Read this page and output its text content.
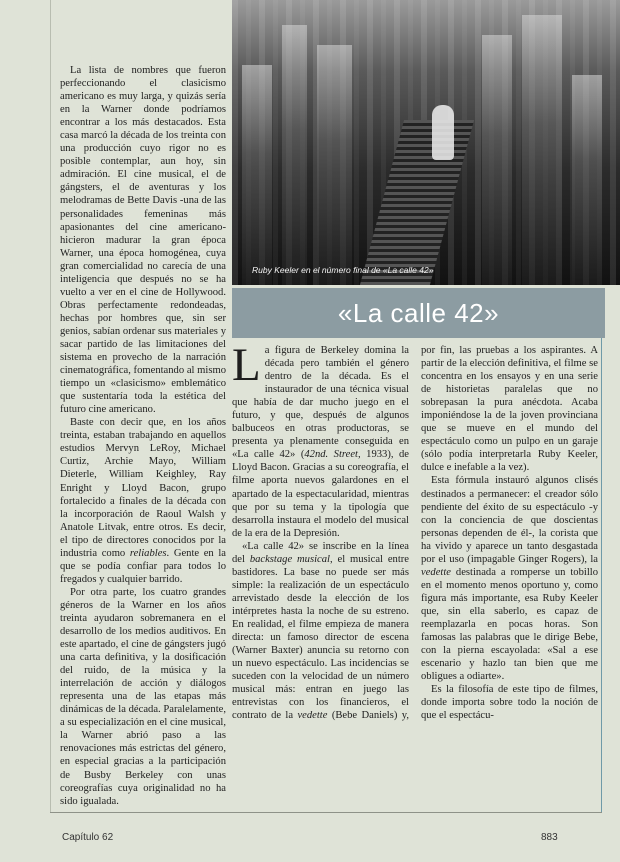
Ruby Keeler en el número final de «La calle 42»
«La calle 42»

La lista de nombres que fueron perfeccionando el clasicismo americano es muy larga, y quizás sería en la Warner donde podríamos encontrar a los más destacados. Esta casa marcó la década de los treinta con una producción cuyo rigor no es posible contemplar, aun hoy, sin admiración. El cine musical, el de gángsters, el de aventuras y los melodramas de Bette Davis -una de las personalidades femeninas más apasionantes del cine americano- hicieron madurar la gran época Warner, una época homogénea, cuya gran comercialidad no carecía de una inteligencia que después no se ha vuelto a ver en el cine de Hollywood. Obras perfectamente redondeadas, hechas por hombres que, sin ser genios, sabían ordenar sus materiales y sacar partido de las limitaciones del sistema en provecho de la narración cinematográfica, fomentando al mismo tiempo un «clasicismo» emblemático que sustentaría toda la estética del futuro cine americano.

Baste con decir que, en los años treinta, estaban trabajando en aquellos estudios Mervyn LeRoy, Michael Curtiz, Archie Mayo, William Dieterle, William Keighley, Ray Enright y Lloyd Bacon, grupo fortalecido a finales de la década con la incorporación de Raoul Walsh y Anatole Litvak, entre otros. Es decir, el tipo de directores conocidos por la industria como reliables. Gente en la que se podía confiar para todos lo fregados y cualquier barrido.

Por otra parte, los cuatro grandes géneros de la Warner en los años treinta ayudaron sobremanera en el desarrollo de los medios auditivos. En este apartado, el cine de gángsters jugó una carta definitiva, y la dosificación del ruido, de la música y la interrelación de acción y diálogos representa una de las etapas más dinámicas de la década. Paralelamente, a su especialización en el cine musical, la Warner abrió paso a las renovaciones más estrictas del género, en especial gracias a la participación de Busby Berkeley con unas coreografías cuya originalidad no ha sido igualada.

La figura de Berkeley domina la década pero también el género dentro de la década. Es el instaurador de una técnica visual que había de dar mucho juego en el futuro, y que, después de algunos balbuceos en otras productoras, se presenta ya plenamente conseguida en «La calle 42» (42nd. Street, 1933), de Lloyd Bacon. Gracias a su coreografía, el filme aporta nuevos galardones en el apartado de la espectacularidad, mientras que por su tema y la tipología que desarrolla instaura el modelo del musical de la era de la Depresión.

«La calle 42» se inscribe en la línea del backstage musical, el musical entre bastidores. La base no puede ser más simple: la realización de un espectáculo arrevistado desde la elección de los intérpretes hasta la noche de su estreno. En realidad, el filme empieza de manera directa: un famoso director de escena (Warner Baxter) anuncia su retorno con un nuevo espectáculo. Las incidencias se suceden con la velocidad de un número musical más: entran en juego las entrevistas con los financieros, el contrato de la vedette (Bebe Daniels) y, por fin, las pruebas a los aspirantes. A partir de la elección definitiva, el filme se concentra en los ensayos y en una serie de historietas paralelas que no sobrepasan la pura anécdota. Acaba imponiéndose la de la joven provinciana que se mueve en el mundo del espectáculo como un pulpo en un garaje (sólo podía interpretarla Ruby Keeler, dulce e inefable a la vez).

Esta fórmula instauró algunos clisés destinados a permanecer: el creador sólo pendiente del éxito de su espectáculo -y con la conciencia de que doscientas personas dependen de él-, la corista que ha vivido y aparece un tanto desgastada por el uso (impagable Ginger Rogers), la vedette destinada a romperse un tobillo en el momento menos oportuno y, como figura más importante, esa Ruby Keeler que, sin ella saberlo, es capaz de reemplazarla en pocas horas. Son famosas las palabras que le dirige Bebe, con la pierna escayolada: «Sal a ese escenario y hazlo tan bien que me obligues a odiarte».

Es la filosofía de este tipo de filmes, donde importa sobre todo la noción de que el espectácu-

Capítulo 62	883
